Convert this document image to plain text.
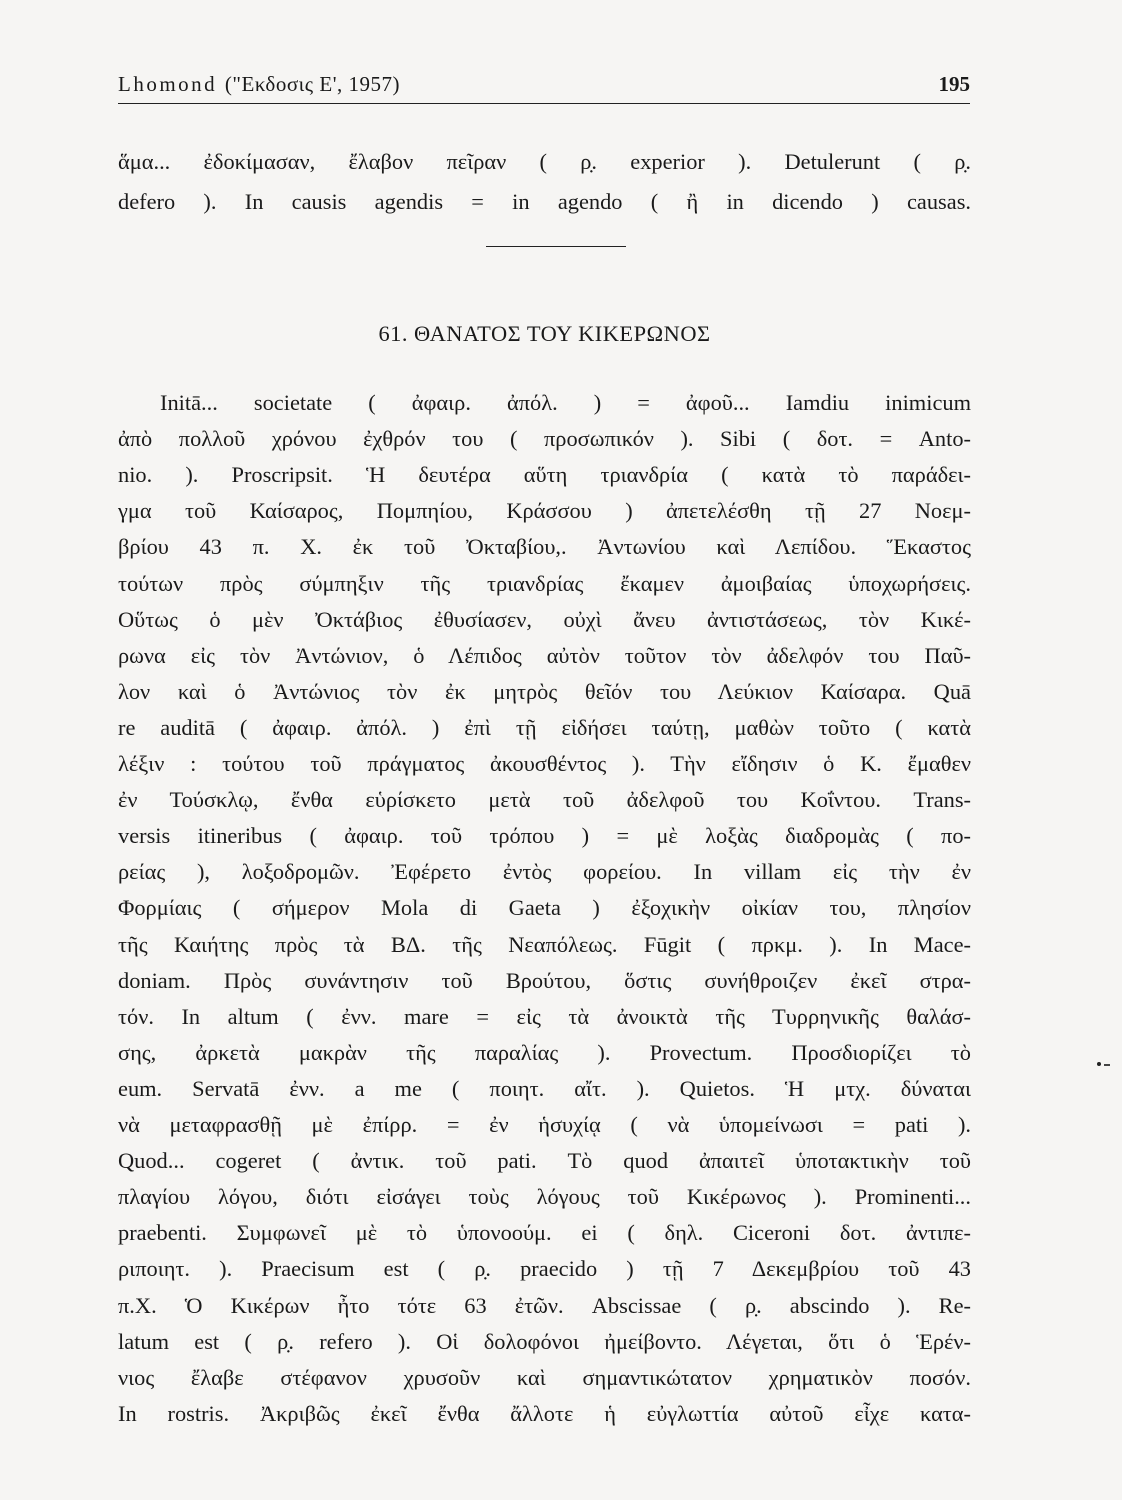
Lhomond ("Εκδοσις Ε', 1957)	195
ἅμα... ἐδοκίμασαν, ἔλαβον πεῖραν ( ρ̣. experior ). Detulerunt ( ρ̣.
defero ). In causis agendis = in agendo ( ἢ in dicendo ) causas.
61. ΘΑΝΑΤΟΣ ΤΟΥ ΚΙΚΕΡΩΝΟΣ
Initā... societate ( ἀφαιρ. ἀπόλ. ) = ἀφοῦ... Iamdiu inimicum
ἀπὸ πολλοῦ χρόνου ἐχθρόν του ( προσωπικόν ). Sibi ( δοτ. = Anto-
nio. ). Proscripsit. Ἡ δευτέρα αὕτη τριανδρία ( κατὰ τὸ παράδει-
γμα τοῦ Καίσαρος, Πομπηίου, Κράσσου ) ἀπετελέσθη τῇ 27 Νοεμ-
βρίου 43 π. Χ. ἐκ τοῦ Ὀκταβίου,. Ἀντωνίου καὶ Λεπίδου. Ἕκαστος
τούτων πρὸς σύμπηξιν τῆς τριανδρίας ἔκαμεν ἀμοιβαίας ὑποχωρήσεις.
Οὕτως ὁ μὲν Ὀκτάβιος ἐθυσίασεν, οὐχὶ ἄνευ ἀντιστάσεως, τὸν Κικέ-
ρωνα εἰς τὸν Ἀντώνιον, ὁ Λέπιδος αὐτὸν τοῦτον τὸν ἀδελφόν του Παῦ-
λον καὶ ὁ Ἀντώνιος τὸν ἐκ μητρὸς θεῖόν του Λεύκιον Καίσαρα. Quā
re auditā ( ἀφαιρ. ἀπόλ. ) ἐπὶ τῇ εἰδήσει ταύτῃ, μαθὼν τοῦτο ( κατὰ
λέξιν : τούτου τοῦ πράγματος ἀκουσθέντος ). Τὴν εἴδησιν ὁ Κ. ἔμαθεν
ἐν Τούσκλῳ, ἔνθα εὑρίσκετο μετὰ τοῦ ἀδελφοῦ του Κοΐντου. Trans-
versis itineribus ( ἀφαιρ. τοῦ τρόπου ) = μὲ λοξὰς διαδρομὰς ( πο-
ρείας ), λοξοδρομῶν. Ἐφέρετο ἐντὸς φορείου. In villam εἰς τὴν ἐν
Φορμίαις ( σήμερον Mola di Gaeta ) ἐξοχικὴν οἰκίαν του, πλησίον
τῆς Καιήτης πρὸς τὰ ΒΔ. τῆς Νεαπόλεως. Fūgit ( πρκμ. ). In Mace-
doniam. Πρὸς συνάντησιν τοῦ Βρούτου, ὅστις συνήθροιζεν ἐκεῖ στρα-
τόν. In altum ( ἐνν. mare = εἰς τὰ ἀνοικτὰ τῆς Τυρρηνικῆς θαλάσ-
σης, ἀρκετὰ μακρὰν τῆς παραλίας ). Provectum. Προσδιορίζει τὸ
eum. Servatā ἐνν. a me ( ποιητ. αἴτ. ). Quietos. Ἡ μτχ. δύναται
νὰ μεταφρασθῇ μὲ ἐπίρρ. = ἐν ἡσυχίᾳ ( νὰ ὑπομείνωσι = pati ).
Quod... cogeret ( ἀντικ. τοῦ pati. Τὸ quod ἀπαιτεῖ ὑποτακτικὴν τοῦ
πλαγίου λόγου, διότι εἰσάγει τοὺς λόγους τοῦ Κικέρωνος ). Prominenti...
praebenti. Συμφωνεῖ μὲ τὸ ὑπονοούμ. ei ( δηλ. Ciceroni δοτ. ἀντιπε-
ριποιητ. ). Praecisum est ( ρ̣. praecido ) τῇ 7 Δεκεμβρίου τοῦ 43
π.Χ. Ὁ Κικέρων ἦτο τότε 63 ἐτῶν. Abscissae ( ρ̣. abscindo ). Re-
latum est ( ρ̣. refero ). Οἱ δολοφόνοι ἠμείβοντο. Λέγεται, ὅτι ὁ Ἑρέν-
νιος ἔλαβε στέφανον χρυσοῦν καὶ σημαντικώτατον χρηματικὸν ποσόν.
In rostris. Ἀκριβῶς ἐκεῖ ἔνθα ἄλλοτε ἡ εὐγλωττία αὐτοῦ εἶχε κατα-
